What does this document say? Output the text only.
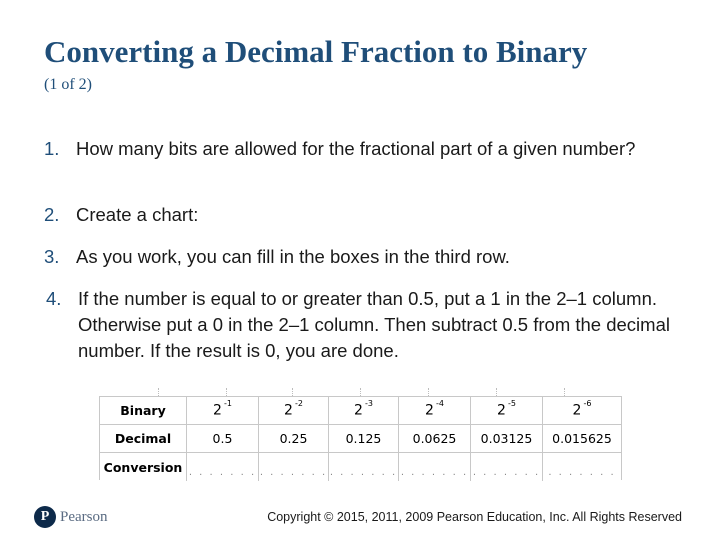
Converting a Decimal Fraction to Binary
(1 of 2)
1. How many bits are allowed for the fractional part of a given number?
2. Create a chart:
3. As you work, you can fill in the boxes in the third row.
4. If the number is equal to or greater than 0.5, put a 1 in the 2–1 column. Otherwise put a 0 in the 2–1 column. Then subtract 0.5 from the decimal number. If the result is 0, you are done.
Binary	2 $^{-1}$	2 $^{-2}$	2 $^{-3}$	2 $^{-4}$	2 $^{-5}$	2 $^{-6}$
Decimal	0.5	0.25	0.125	0.0625	0.03125	0.015625
Conversion . . . . . . . . . . . . . . . . . . . . . . . . . . . . . . . . . . . . . . . . . .
P Pearson	Copyright © 2015, 2011, 2009 Pearson Education, Inc. All Rights Reserved
